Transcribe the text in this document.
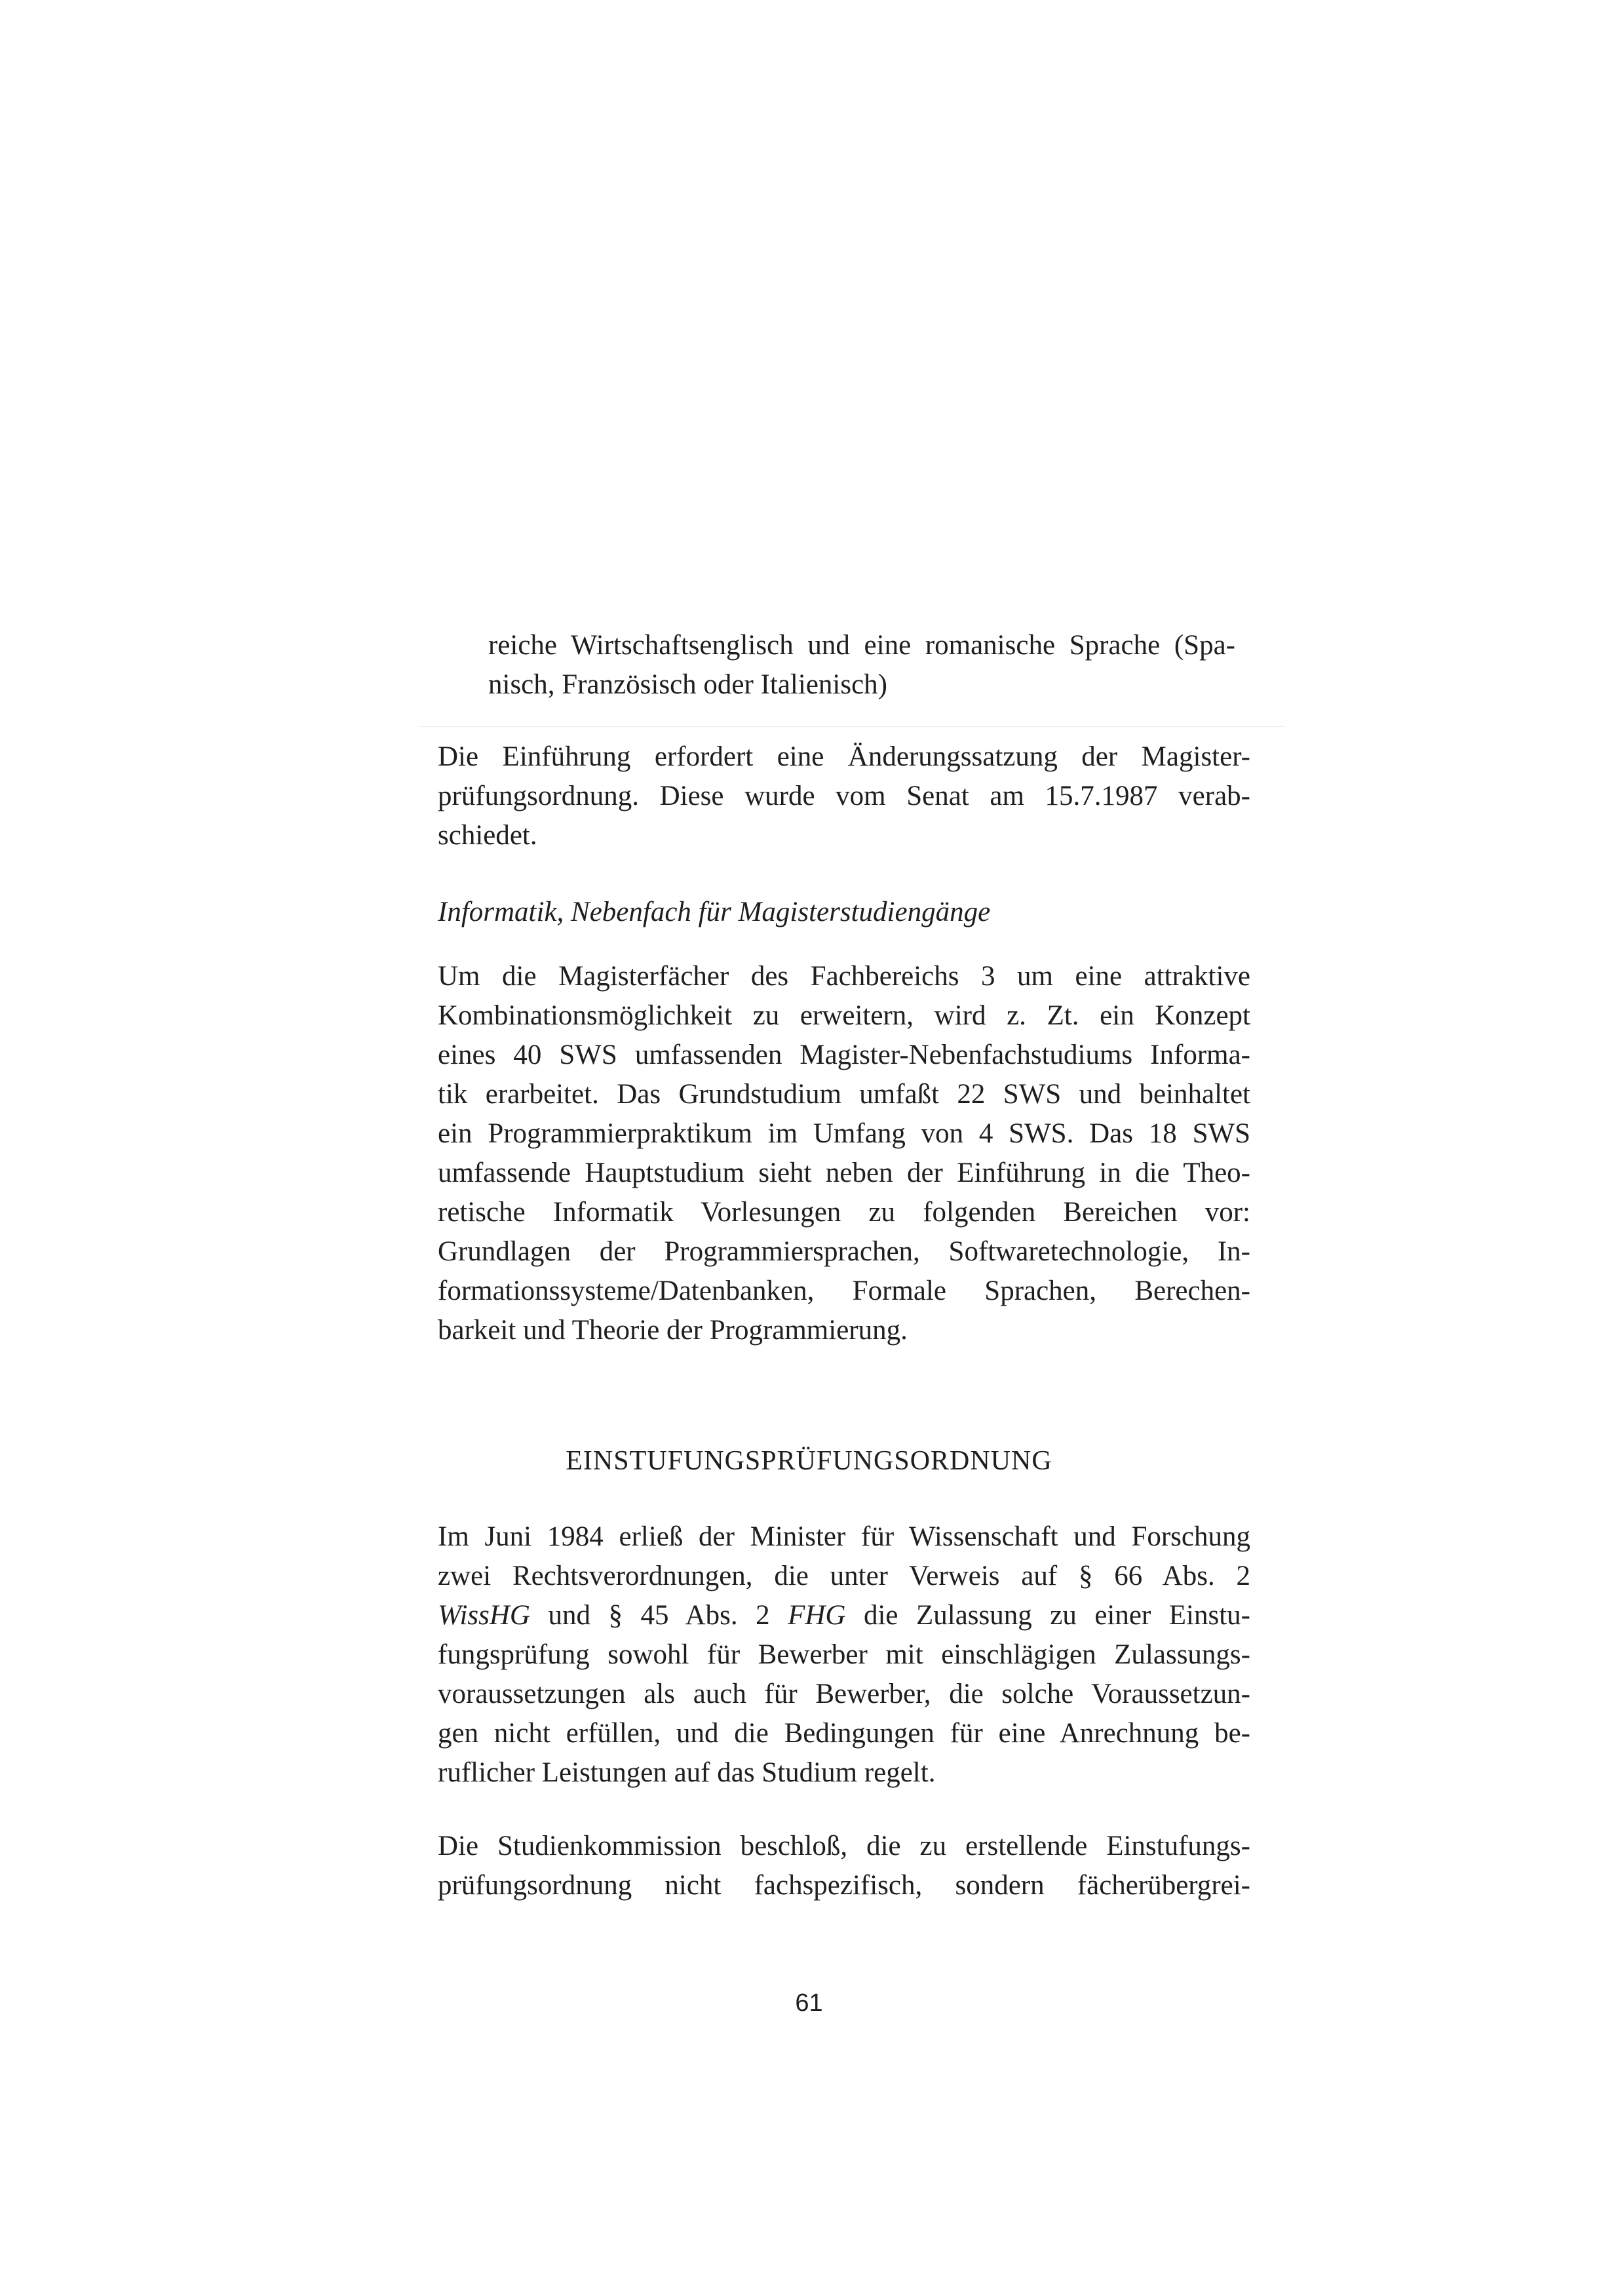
reiche Wirtschaftsenglisch und eine romanische Sprache (Spa-
nisch, Französisch oder Italienisch)

Die Einführung erfordert eine Änderungssatzung der Magister-
prüfungsordnung. Diese wurde vom Senat am 15.7.1987 verab-
schiedet.

Informatik, Nebenfach für Magisterstudiengänge

Um die Magisterfächer des Fachbereichs 3 um eine attraktive
Kombinationsmöglichkeit zu erweitern, wird z. Zt. ein Konzept
eines 40 SWS umfassenden Magister-Nebenfachstudiums Informa-
tik erarbeitet. Das Grundstudium umfaßt 22 SWS und beinhaltet
ein Programmierpraktikum im Umfang von 4 SWS. Das 18 SWS
umfassende Hauptstudium sieht neben der Einführung in die Theo-
retische Informatik Vorlesungen zu folgenden Bereichen vor:
Grundlagen der Programmiersprachen, Softwaretechnologie, In-
formationssysteme/Datenbanken, Formale Sprachen, Berechen-
barkeit und Theorie der Programmierung.

EINSTUFUNGSPRÜFUNGSORDNUNG

Im Juni 1984 erließ der Minister für Wissenschaft und Forschung
zwei Rechtsverordnungen, die unter Verweis auf § 66 Abs. 2
WissHG und § 45 Abs. 2 FHG die Zulassung zu einer Einstu-
fungsprüfung sowohl für Bewerber mit einschlägigen Zulassungs-
voraussetzungen als auch für Bewerber, die solche Voraussetzun-
gen nicht erfüllen, und die Bedingungen für eine Anrechnung be-
ruflicher Leistungen auf das Studium regelt.

Die Studienkommission beschloß, die zu erstellende Einstufungs-
prüfungsordnung nicht fachspezifisch, sondern fächerübergrei-

61
